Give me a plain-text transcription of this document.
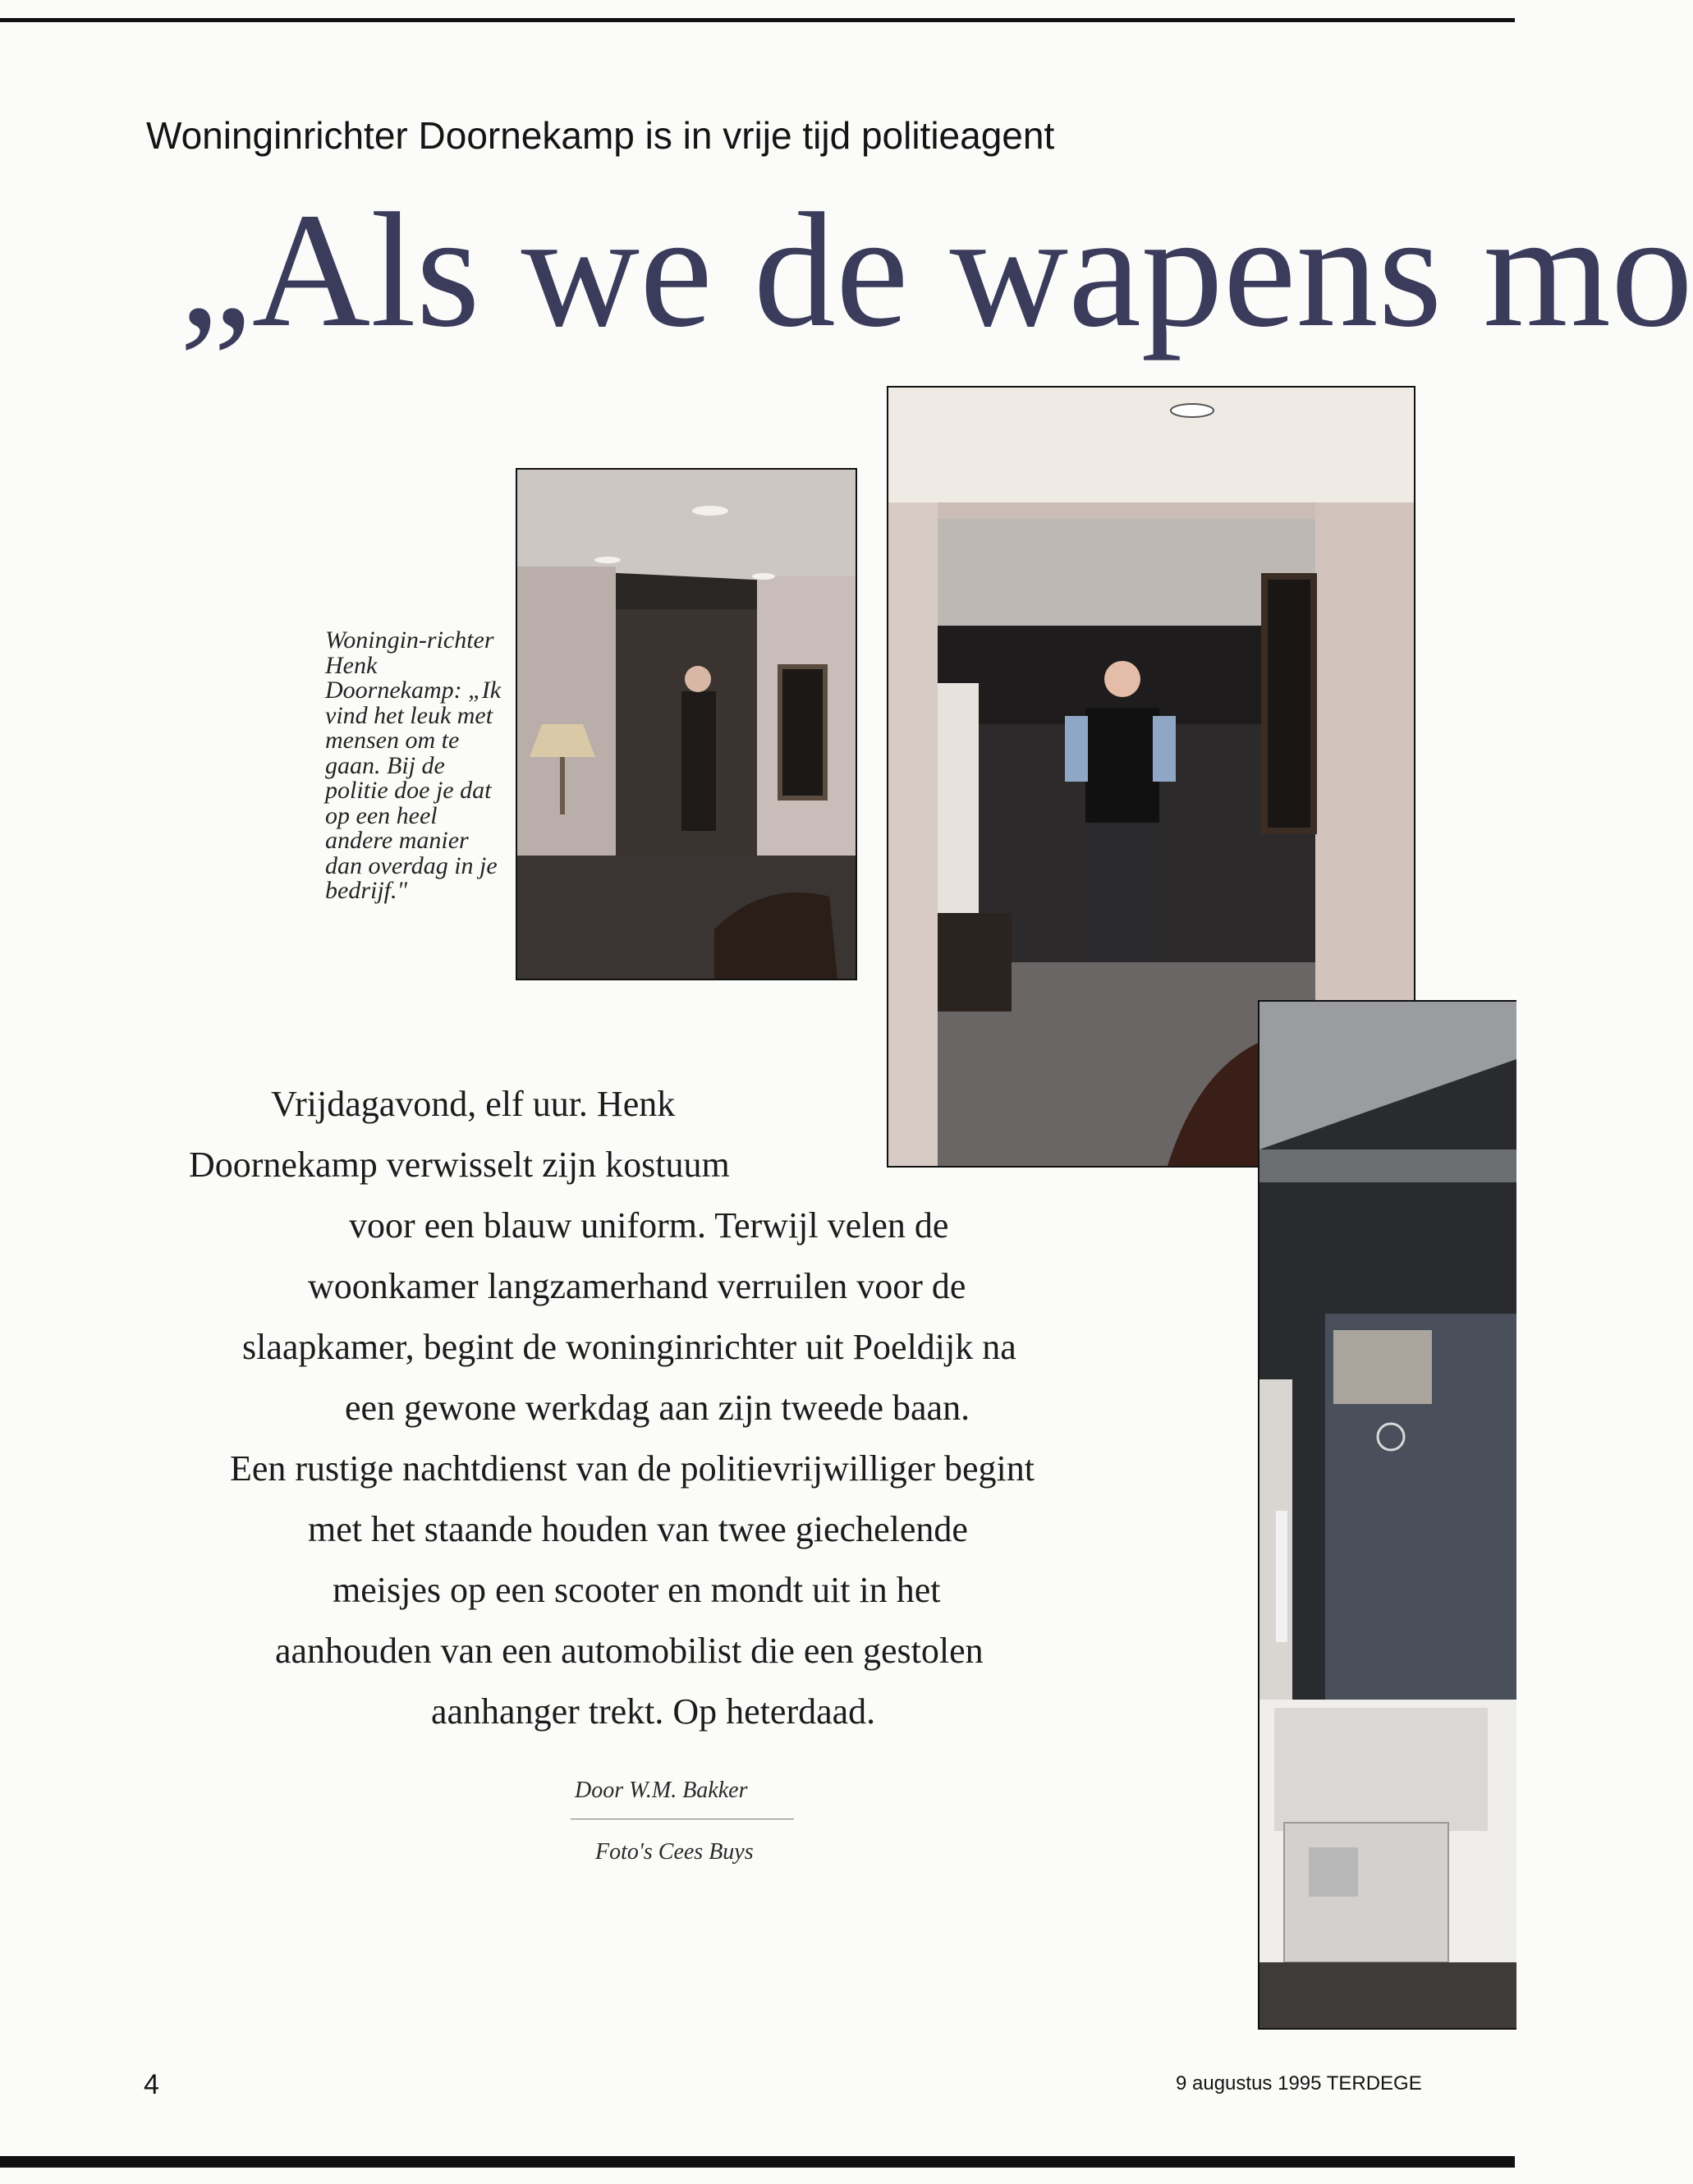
Woninginrichter Doornekamp is in vrije tijd politieagent
„Als we de wapens mo
Woningin-richter Henk Doornekamp: „Ik vind het leuk met mensen om te gaan. Bij de politie doe je dat op een heel andere manier dan overdag in je bedrijf."
Vrijdagavond, elf uur. Henk
Doornekamp verwisselt zijn kostuum
voor een blauw uniform. Terwijl velen de
woonkamer langzamerhand verruilen voor de
slaapkamer, begint de woninginrichter uit Poeldijk na
een gewone werkdag aan zijn tweede baan.
Een rustige nachtdienst van de politievrijwilliger begint
met het staande houden van twee giechelende
meisjes op een scooter en mondt uit in het
aanhouden van een automobilist die een gestolen
aanhanger trekt. Op heterdaad.
Door W.M. Bakker
Foto's Cees Buys
4	9 augustus 1995 TERDEGE
